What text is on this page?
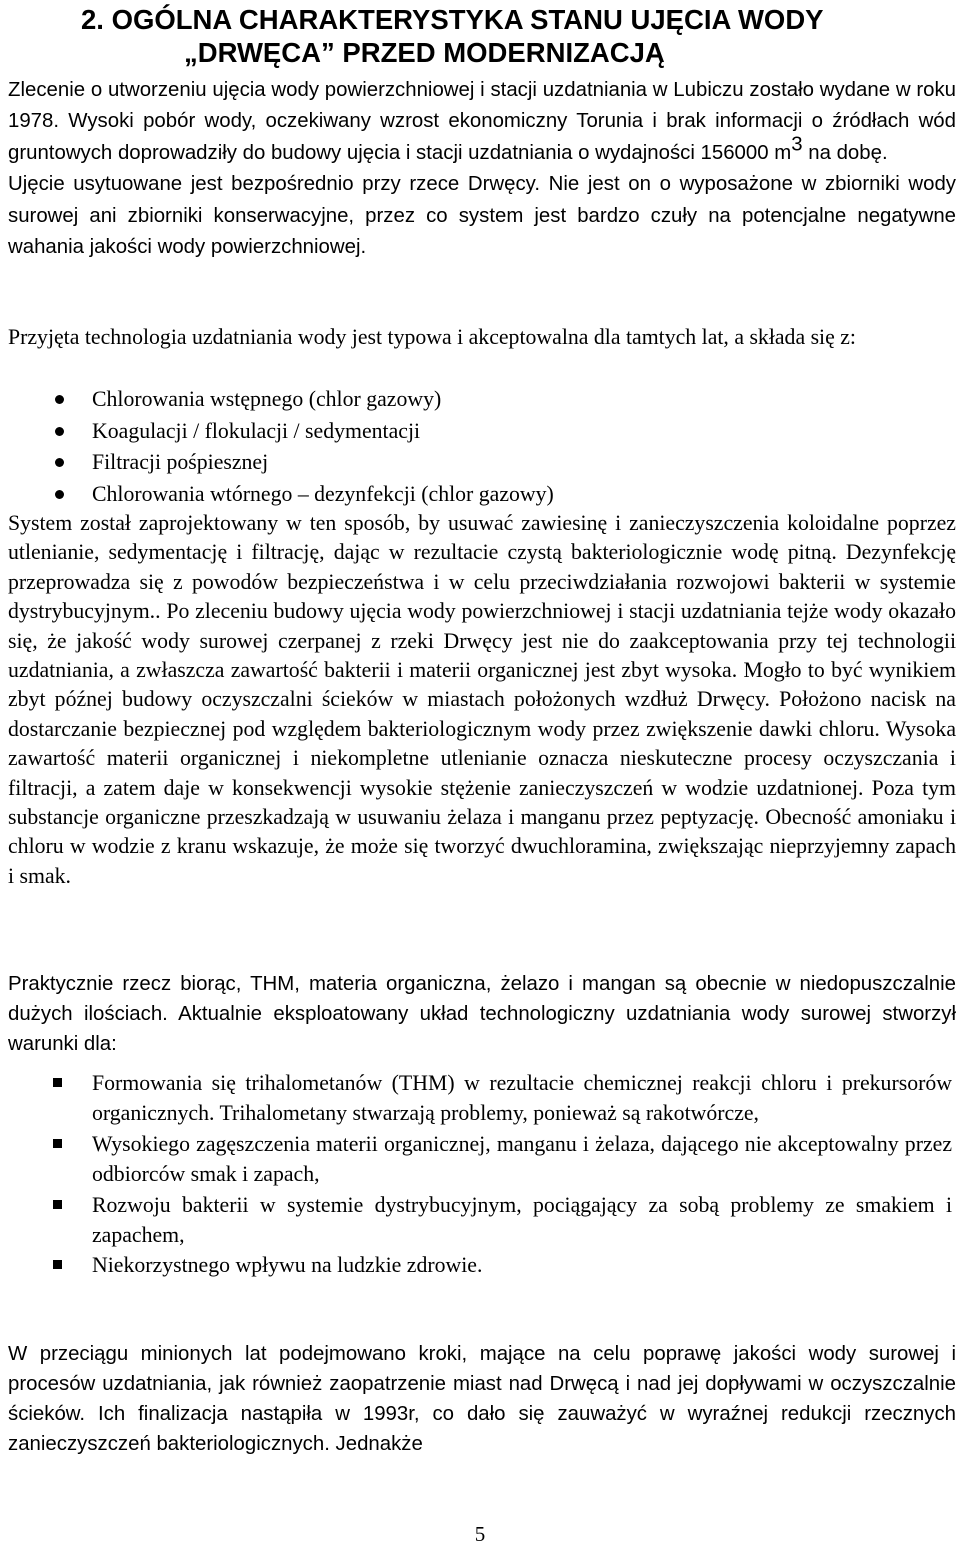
2. OGÓLNA CHARAKTERYSTYKA STANU UJĘCIA WODY
„DRWĘCA” PRZED MODERNIZACJĄ

Zlecenie o utworzeniu ujęcia wody powierzchniowej i stacji uzdatniania w Lubiczu zostało wydane w roku 1978. Wysoki pobór wody, oczekiwany wzrost ekonomiczny Torunia i brak informacji o źródłach wód gruntowych doprowadziły do budowy ujęcia i stacji uzdatniania o wydajności 156000 $m^3$ na dobę.
Ujęcie usytuowane jest bezpośrednio przy rzece Drwęcy. Nie jest on o wyposażone w zbiorniki wody surowej ani zbiorniki konserwacyjne, przez co system jest bardzo czuły na potencjalne negatywne wahania jakości wody powierzchniowej.

Przyjęta technologia uzdatniania wody jest typowa i akceptowalna dla tamtych lat, a składa się z:

Chlorowania wstępnego (chlor gazowy)
Koagulacji / flokulacji / sedymentacji
Filtracji pośpiesznej
Chlorowania wtórnego – dezynfekcji (chlor gazowy)

System został zaprojektowany w ten sposób, by usuwać zawiesinę i zanieczyszczenia koloidalne poprzez utlenianie, sedymentację i filtrację, dając w rezultacie czystą bakteriologicznie wodę pitną. Dezynfekcję przeprowadza się z powodów bezpieczeństwa i w celu przeciwdziałania rozwojowi bakterii w systemie dystrybucyjnym.. Po zleceniu budowy ujęcia wody powierzchniowej i stacji uzdatniania tejże wody okazało się, że jakość wody surowej czerpanej z rzeki Drwęcy jest nie do zaakceptowania przy tej technologii uzdatniania, a zwłaszcza zawartość bakterii i materii organicznej jest zbyt wysoka. Mogło to być wynikiem zbyt późnej budowy oczyszczalni ścieków w miastach położonych wzdłuż Drwęcy. Położono nacisk na dostarczanie bezpiecznej pod względem bakteriologicznym wody przez zwiększenie dawki chloru. Wysoka zawartość materii organicznej i niekompletne utlenianie oznacza nieskuteczne procesy oczyszczania i filtracji, a zatem daje w konsekwencji wysokie stężenie zanieczyszczeń w wodzie uzdatnionej. Poza tym substancje organiczne przeszkadzają w usuwaniu żelaza i manganu przez peptyzację. Obecność amoniaku i chloru w wodzie z kranu wskazuje, że może się tworzyć dwuchloramina, zwiększając nieprzyjemny zapach i smak.

Praktycznie rzecz biorąc, THM, materia organiczna, żelazo i mangan są obecnie w niedopuszczalnie dużych ilościach. Aktualnie eksploatowany układ technologiczny uzdatniania wody surowej stworzył warunki dla:

Formowania się trihalometanów (THM) w rezultacie chemicznej reakcji chloru i prekursorów organicznych. Trihalometany stwarzają problemy, ponieważ są rakotwórcze,
Wysokiego zagęszczenia materii organicznej, manganu i żelaza, dającego nie akceptowalny przez odbiorców smak i zapach,
Rozwoju bakterii w systemie dystrybucyjnym, pociągający za sobą problemy ze smakiem i zapachem,
Niekorzystnego wpływu na ludzkie zdrowie.

W przeciągu minionych lat podejmowano kroki, mające na celu poprawę jakości wody surowej i procesów uzdatniania, jak również zaopatrzenie miast nad Drwęcą i nad jej dopływami w oczyszczalnie ścieków. Ich finalizacja nastąpiła w 1993r, co dało się zauważyć w wyraźnej redukcji rzecznych zanieczyszczeń bakteriologicznych. Jednakże

5
